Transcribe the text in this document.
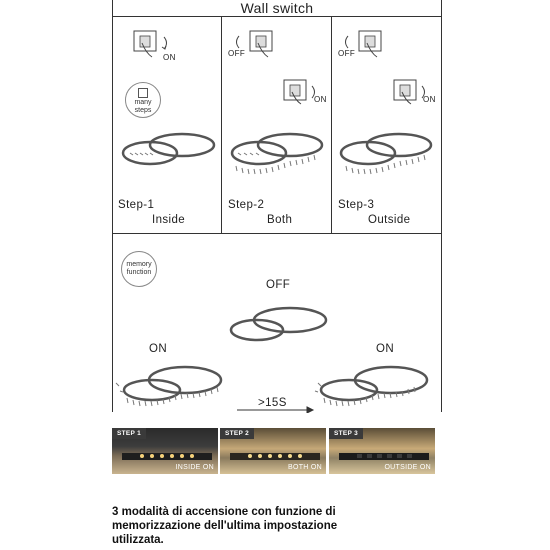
Wall switch
ON	OFF
ON
OFF
ON
many steps
Step-1
Inside
Step-2
Both
Step-3
Outside
memory function
OFF
ON	ON
>15S
STEP 1
INSIDE ON
STEP 2
BOTH ON
STEP 3
OUTSIDE ON
3 modalità di accensione con funzione di
memorizzazione dell'ultima impostazione
utilizzata.
